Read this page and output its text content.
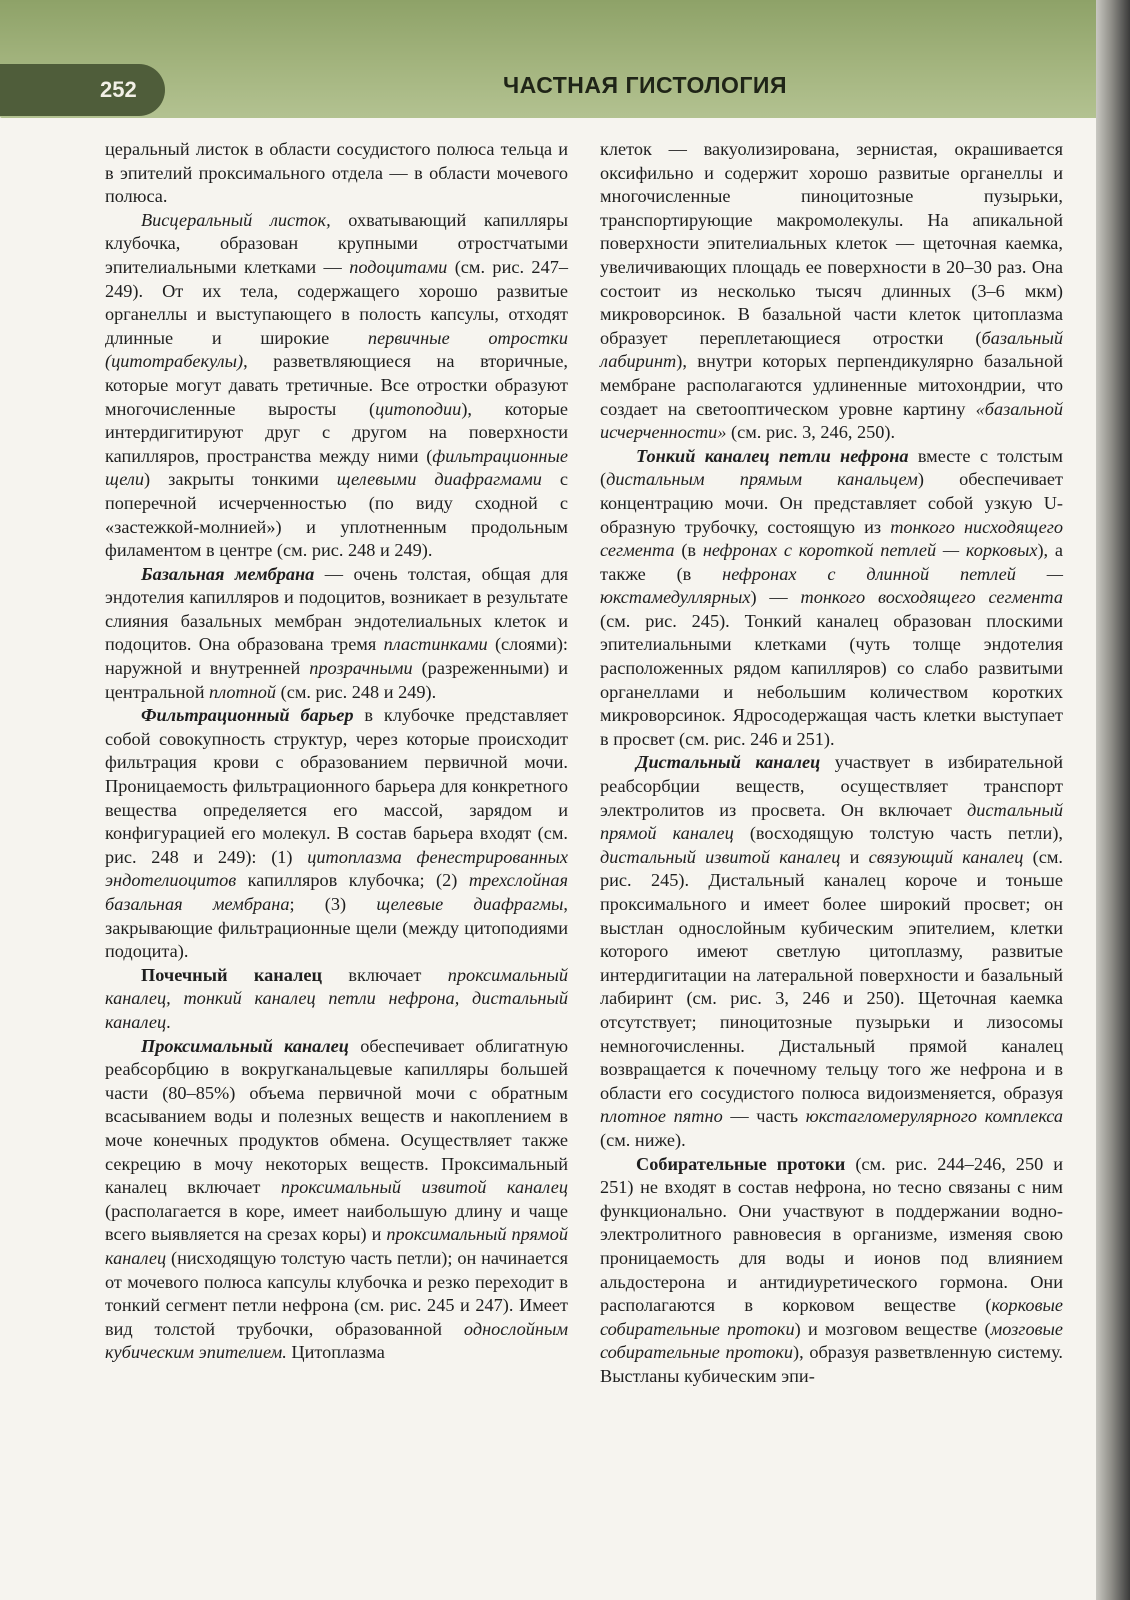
252	ЧАСТНАЯ ГИСТОЛОГИЯ

церальный листок в области сосудистого полюса тельца и в эпителий проксимального отдела — в области мочевого полюса.

Висцеральный листок, охватывающий капилляры клубочка, образован крупными отростчатыми эпителиальными клетками — подоцитами (см. рис. 247–249). От их тела, содержащего хорошо развитые органеллы и выступающего в полость капсулы, отходят длинные и широкие первичные отростки (цитотрабекулы), разветвляющиеся на вторичные, которые могут давать третичные. Все отростки образуют многочисленные выросты (цитоподии), которые интердигитируют друг с другом на поверхности капилляров, пространства между ними (фильтрационные щели) закрыты тонкими щелевыми диафрагмами с поперечной исчерченностью (по виду сходной с «застежкой-молнией») и уплотненным продольным филаментом в центре (см. рис. 248 и 249).

Базальная мембрана — очень толстая, общая для эндотелия капилляров и подоцитов, возникает в результате слияния базальных мембран эндотелиальных клеток и подоцитов. Она образована тремя пластинками (слоями): наружной и внутренней прозрачными (разреженными) и центральной плотной (см. рис. 248 и 249).

Фильтрационный барьер в клубочке представляет собой совокупность структур, через которые происходит фильтрация крови с образованием первичной мочи. Проницаемость фильтрационного барьера для конкретного вещества определяется его массой, зарядом и конфигурацией его молекул. В состав барьера входят (см. рис. 248 и 249): (1) цитоплазма фенестрированных эндотелиоцитов капилляров клубочка; (2) трехслойная базальная мембрана; (3) щелевые диафрагмы, закрывающие фильтрационные щели (между цитоподиями подоцита).

Почечный каналец включает проксимальный каналец, тонкий каналец петли нефрона, дистальный каналец.

Проксимальный каналец обеспечивает облигатную реабсорбцию в вокругканальцевые капилляры большей части (80–85%) объема первичной мочи с обратным всасыванием воды и полезных веществ и накоплением в моче конечных продуктов обмена. Осуществляет также секрецию в мочу некоторых веществ. Проксимальный каналец включает проксимальный извитой каналец (располагается в коре, имеет наибольшую длину и чаще всего выявляется на срезах коры) и проксимальный прямой каналец (нисходящую толстую часть петли); он начинается от мочевого полюса капсулы клубочка и резко переходит в тонкий сегмент петли нефрона (см. рис. 245 и 247). Имеет вид толстой трубочки, образованной однослойным кубическим эпителием. Цитоплазма

клеток — вакуолизирована, зернистая, окрашивается оксифильно и содержит хорошо развитые органеллы и многочисленные пиноцитозные пузырьки, транспортирующие макромолекулы. На апикальной поверхности эпителиальных клеток — щеточная каемка, увеличивающих площадь ее поверхности в 20–30 раз. Она состоит из несколько тысяч длинных (3–6 мкм) микроворсинок. В базальной части клеток цитоплазма образует переплетающиеся отростки (базальный лабиринт), внутри которых перпендикулярно базальной мембране располагаются удлиненные митохондрии, что создает на светооптическом уровне картину «базальной исчерченности» (см. рис. 3, 246, 250).

Тонкий каналец петли нефрона вместе с толстым (дистальным прямым канальцем) обеспечивает концентрацию мочи. Он представляет собой узкую U-образную трубочку, состоящую из тонкого нисходящего сегмента (в нефронах с короткой петлей — корковых), а также (в нефронах с длинной петлей — юкстамедуллярных) — тонкого восходящего сегмента (см. рис. 245). Тонкий каналец образован плоскими эпителиальными клетками (чуть толще эндотелия расположенных рядом капилляров) со слабо развитыми органеллами и небольшим количеством коротких микроворсинок. Ядросодержащая часть клетки выступает в просвет (см. рис. 246 и 251).

Дистальный каналец участвует в избирательной реабсорбции веществ, осуществляет транспорт электролитов из просвета. Он включает дистальный прямой каналец (восходящую толстую часть петли), дистальный извитой каналец и связующий каналец (см. рис. 245). Дистальный каналец короче и тоньше проксимального и имеет более широкий просвет; он выстлан однослойным кубическим эпителием, клетки которого имеют светлую цитоплазму, развитые интердигитации на латеральной поверхности и базальный лабиринт (см. рис. 3, 246 и 250). Щеточная каемка отсутствует; пиноцитозные пузырьки и лизосомы немногочисленны. Дистальный прямой каналец возвращается к почечному тельцу того же нефрона и в области его сосудистого полюса видоизменяется, образуя плотное пятно — часть юкстагломерулярного комплекса (см. ниже).

Собирательные протоки (см. рис. 244–246, 250 и 251) не входят в состав нефрона, но тесно связаны с ним функционально. Они участвуют в поддержании водно-электролитного равновесия в организме, изменяя свою проницаемость для воды и ионов под влиянием альдостерона и антидиуретического гормона. Они располагаются в корковом веществе (корковые собирательные протоки) и мозговом веществе (мозговые собирательные протоки), образуя разветвленную систему. Выстланы кубическим эпи-
